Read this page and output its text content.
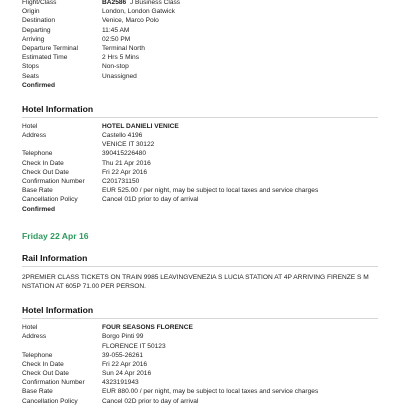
Flight/Class	BA2586 J Business Class
Origin	London, London Gatwick
Destination	Venice, Marco Polo
Departing	11:45 AM
Arriving	02:50 PM
Departure Terminal	Terminal North
Estimated Time	2 Hrs 5 Mins
Stops	Non-stop
Seats	Unassigned
Confirmed
Hotel Information
Hotel	HOTEL DANIELI VENICE
Address	Castello 4196
VENICE IT 30122
Telephone	390415226480
Check In Date	Thu 21 Apr 2016
Check Out Date	Fri 22 Apr 2016
Confirmation Number	C201731150
Base Rate	EUR 525.00 / per night, may be subject to local taxes and service charges
Cancellation Policy	Cancel 01D prior to day of arrival
Confirmed
Friday 22 Apr 16
Rail Information
2PREMIER CLASS TICKETS ON TRAIN 9985 LEAVINGVENEZIA S LUCIA STATION AT 4P ARRIVING FIRENZE S M NSTATION AT 605P 71.00 PER PERSON.
Hotel Information
Hotel	FOUR SEASONS FLORENCE
Address	Borgo Pinti 99
FLORENCE IT 50123
Telephone	39-055-26261
Check In Date	Fri 22 Apr 2016
Check Out Date	Sun 24 Apr 2016
Confirmation Number	4323191943
Base Rate	EUR 880.00 / per night, may be subject to local taxes and service charges
Cancellation Policy	Cancel 02D prior to day of arrival
